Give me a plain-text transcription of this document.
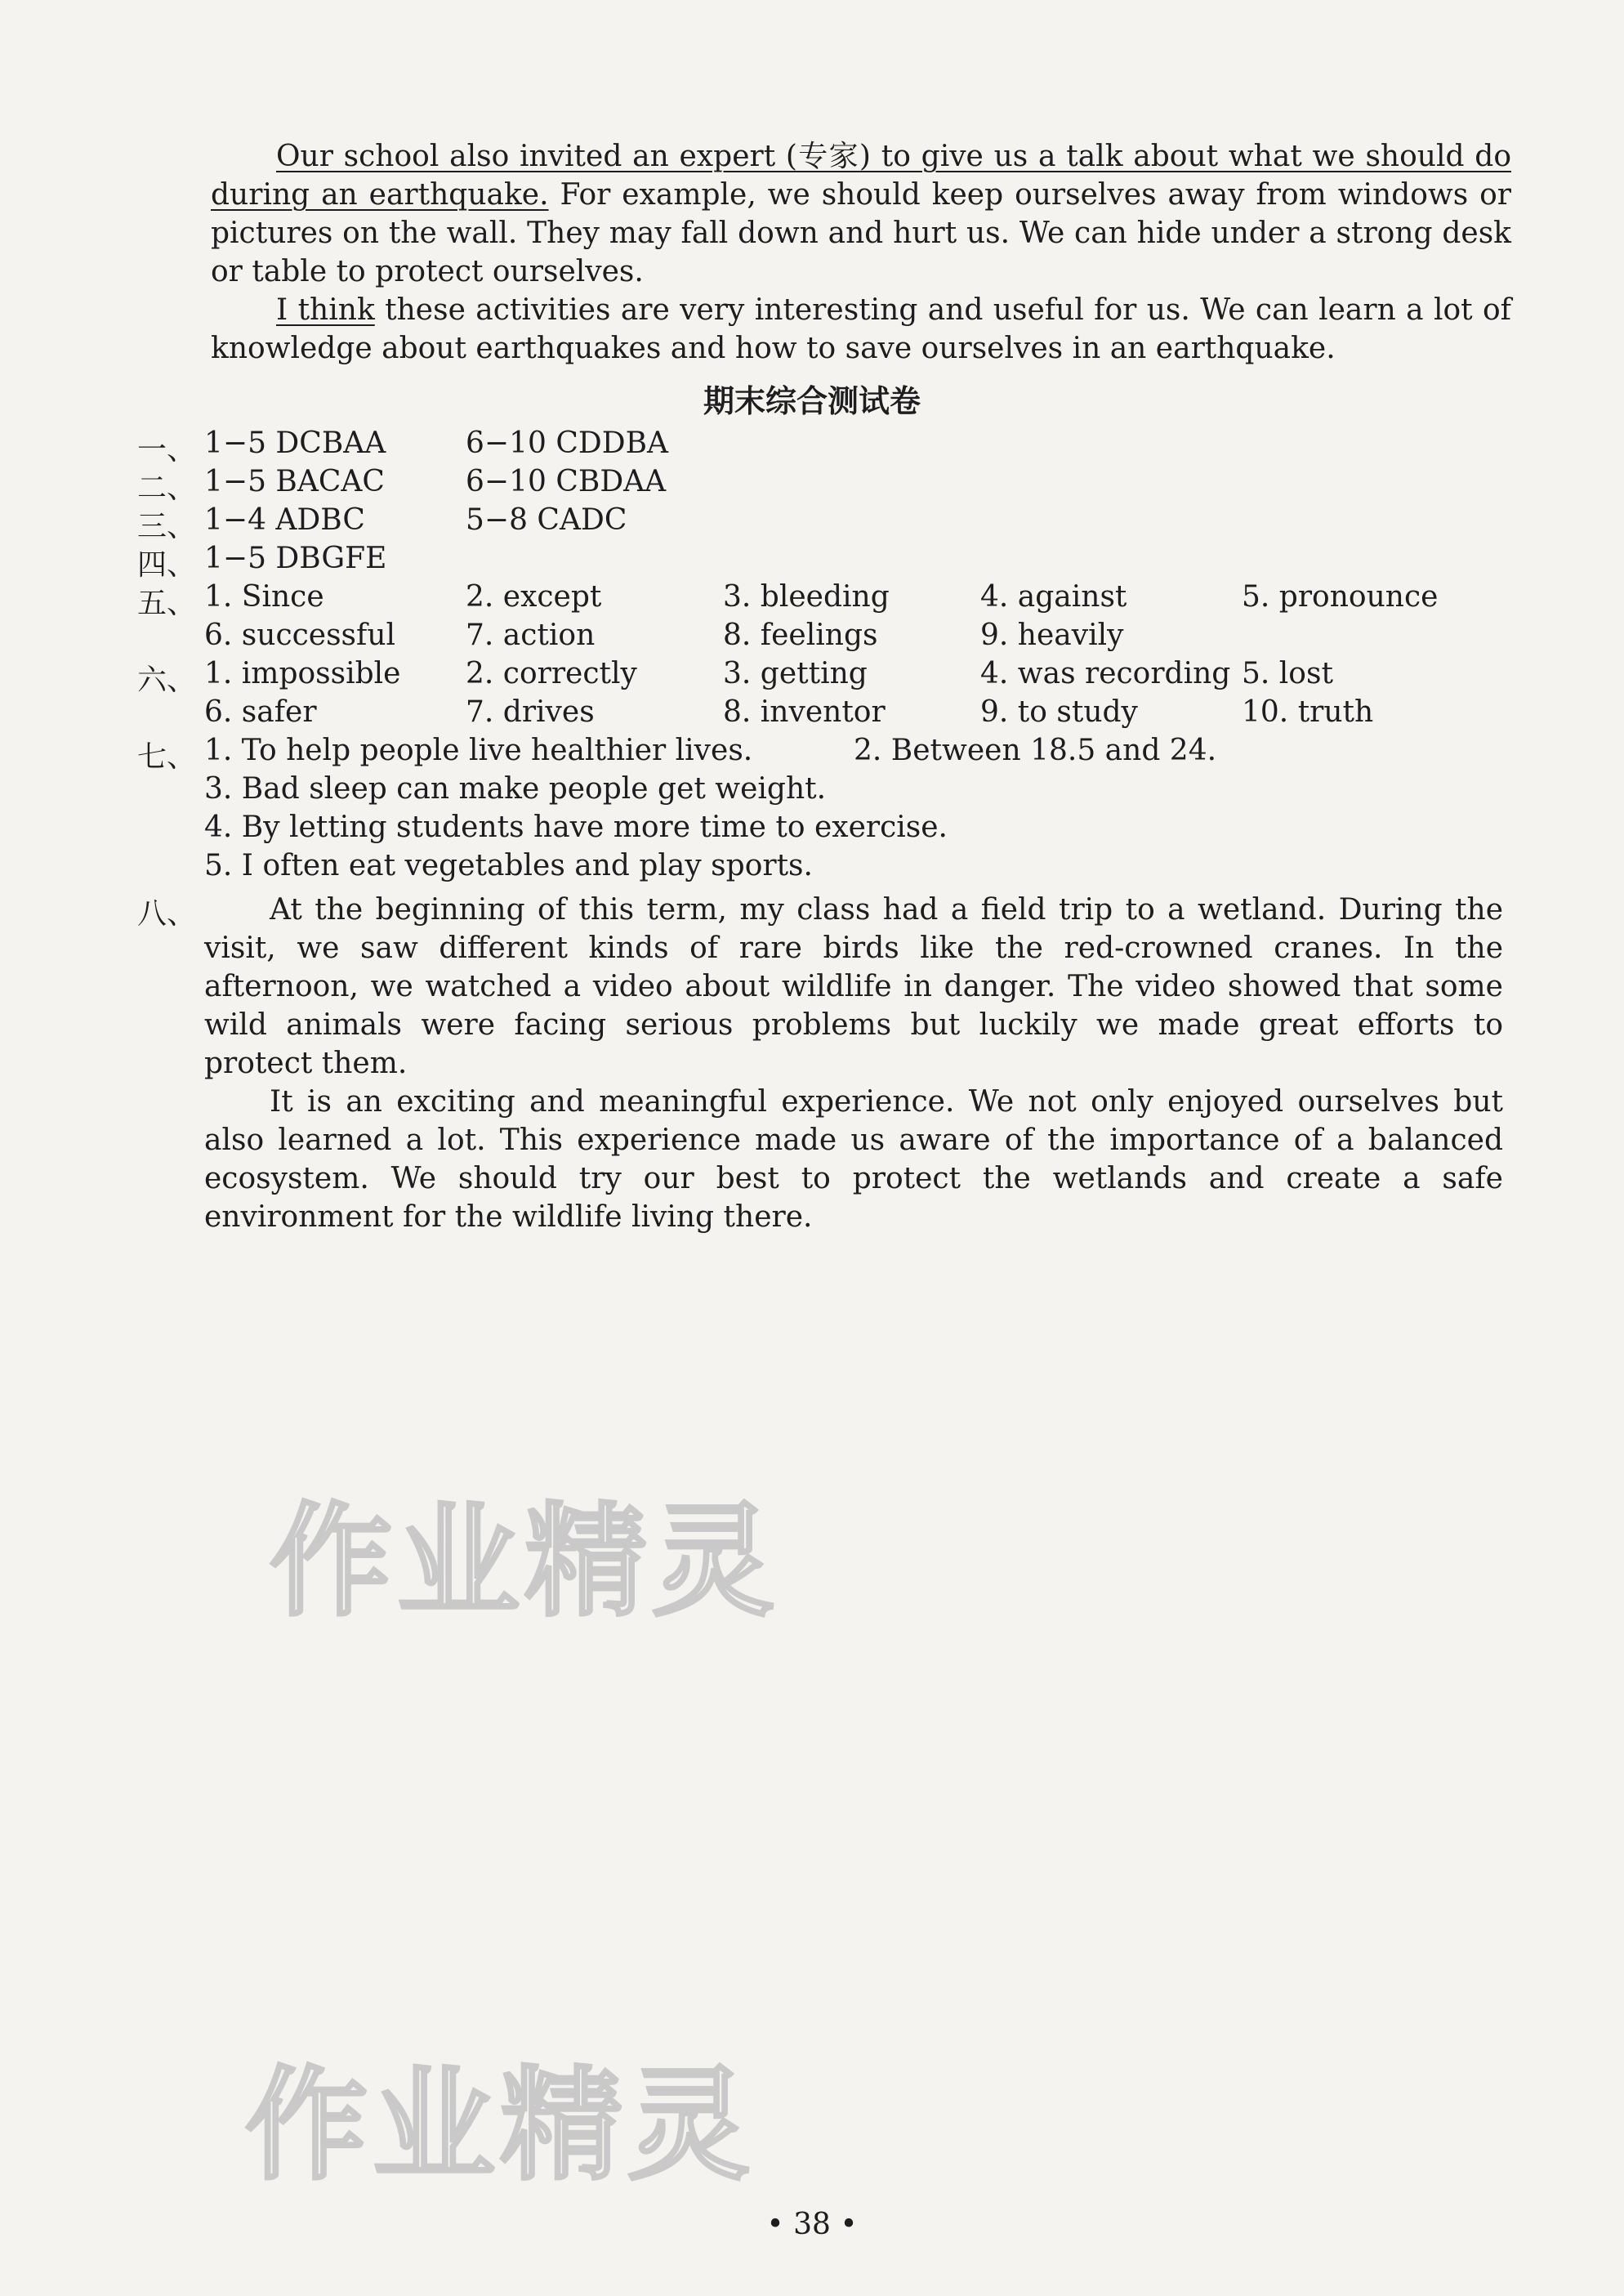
Our school also invited an expert (专家) to give us a talk about what we should do during an earthquake. For example, we should keep ourselves away from windows or pictures on the wall. They may fall down and hurt us. We can hide under a strong desk or table to protect ourselves.

I think these activities are very interesting and useful for us. We can learn a lot of knowledge about earthquakes and how to save ourselves in an earthquake.

期末综合测试卷
一、 1−5 DCBAA	6−10 CDDBA
二、 1−5 BACAC	6−10 CBDAA
三、 1−4 ADBC	5−8 CADC
四、 1−5 DBGFE
五、 1. Since	2. except	3. bleeding	4. against	5. pronounce
6. successful 7. action	8. feelings	9. heavily
六、 1. impossible 2. correctly	3. getting	4. was recording 5. lost
6. safer	7. drives	8. inventor	9. to study	10. truth
七、 1. To help people live healthier lives.	2. Between 18.5 and 24.
3. Bad sleep can make people get weight.
4. By letting students have more time to exercise.
5. I often eat vegetables and play sports.
八、	At the beginning of this term, my class had a field trip to a wetland. During the visit, we saw different kinds of rare birds like the red-crowned cranes. In the afternoon, we watched a video about wildlife in danger. The video showed that some wild animals were facing serious problems but luckily we made great efforts to protect them.

It is an exciting and meaningful experience. We not only enjoyed ourselves but also learned a lot. This experience made us aware of the importance of a balanced ecosystem. We should try our best to protect the wetlands and create a safe environment for the wildlife living there.

作业精灵
作业精灵
• 38 •
